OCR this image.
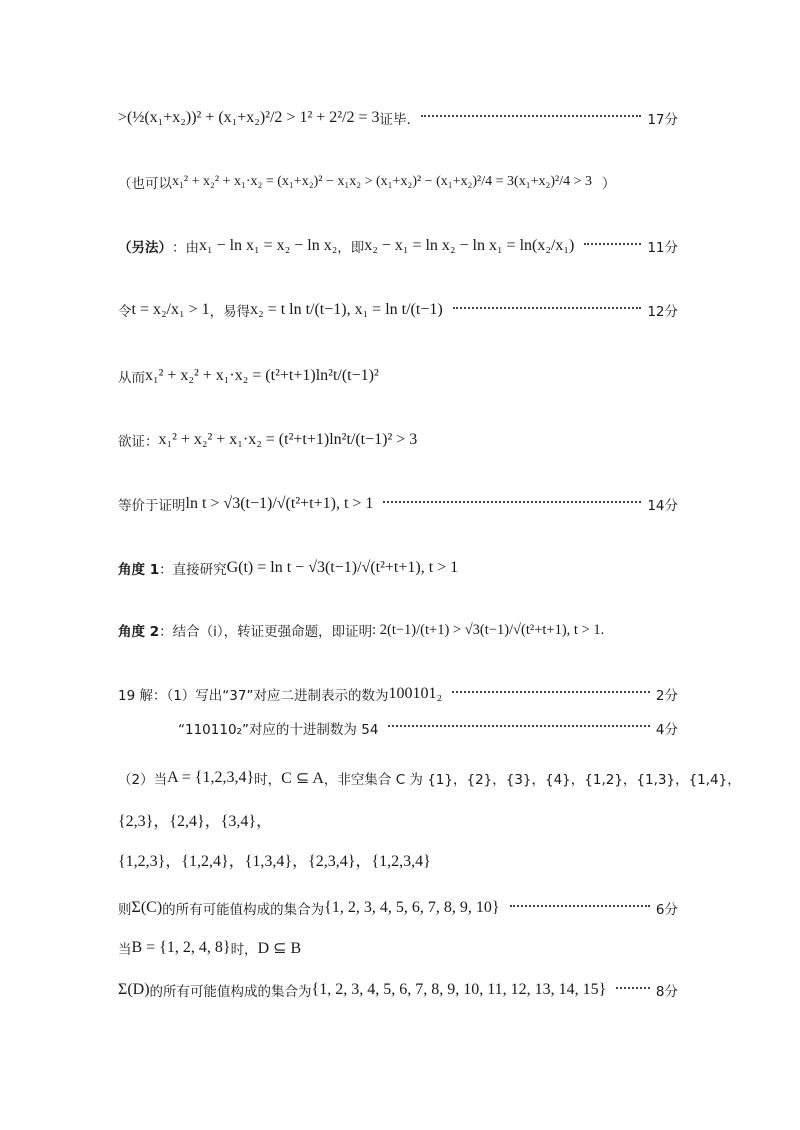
>(½(x₁+x₂))² + (x₁+x₂)²/2 > 1² + 2²/2 = 3 证毕.	17分
（也可以 x₁² + x₂² + x₁·x₂ = (x₁+x₂)² − x₁x₂ > (x₁+x₂)² − (x₁+x₂)²/4 = 3(x₁+x₂)²/4 > 3 ）
（另法） ：由 x₁ − ln x₁ = x₂ − ln x₂ ，即 x₂ − x₁ = ln x₂ − ln x₁ = ln(x₂/x₁)	11分
令 t = x₂/x₁ > 1 ，易得 x₂ = t ln t/(t−1), x₁ = ln t/(t−1)	12分
从而 x₁² + x₂² + x₁·x₂ = (t²+t+1)ln²t/(t−1)²
欲证： x₁² + x₂² + x₁·x₂ = (t²+t+1)ln²t/(t−1)² > 3
等价于证明 ln t > √3(t−1)/√(t²+t+1), t > 1	14分
角度 1 ：直接研究 G(t) = ln t − √3(t−1)/√(t²+t+1), t > 1
角度 2 ：结合（i），转证更强命题，即证明 : 2(t−1)/(t+1) > √3(t−1)/√(t²+t+1), t > 1.
19 解：（1）写出“37”对应二进制表示的数为 100101₂	2分
“110110₂”对应的十进制数为 54	4分
（2）当 A = {1,2,3,4} 时， C ⊆ A ，非空集合 C 为 {1}，{2}，{3}，{4}，{1,2}，{1,3}，{1,4}，
{2,3}，{2,4}，{3,4}，
{1,2,3}，{1,2,4}，{1,3,4}，{2,3,4}，{1,2,3,4}
则 Σ(C) 的所有可能值构成的集合为 {1, 2, 3, 4, 5, 6, 7, 8, 9, 10}	6分
当 B = {1, 2, 4, 8} 时， D ⊆ B
Σ(D) 的所有可能值构成的集合为 {1, 2, 3, 4, 5, 6, 7, 8, 9, 10, 11, 12, 13, 14, 15}	8分
